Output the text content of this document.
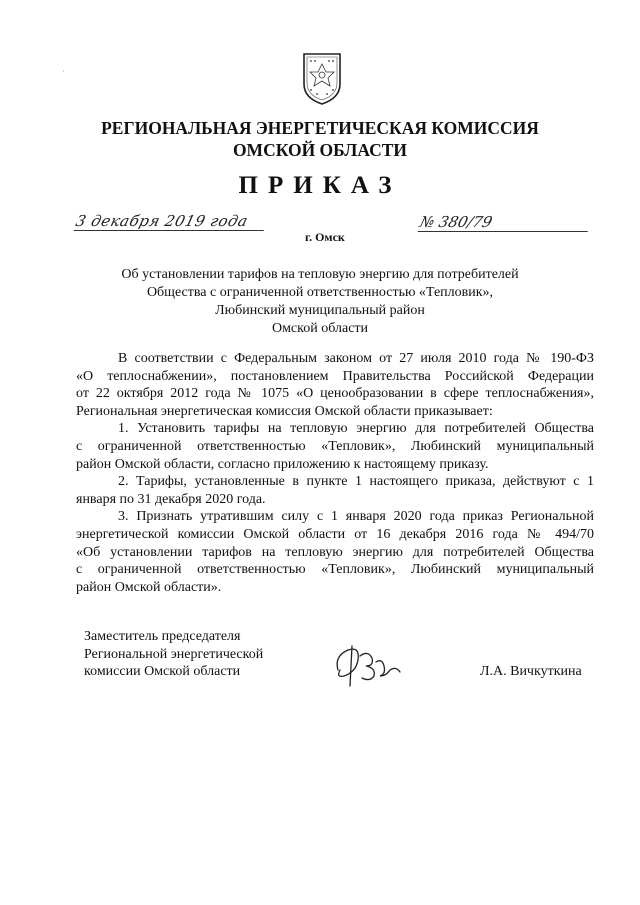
·
РЕГИОНАЛЬНАЯ ЭНЕРГЕТИЧЕСКАЯ КОМИССИЯ
ОМСКОЙ ОБЛАСТИ
ПРИКАЗ
3 декабря 2019 года
г. Омск
№ 380/79
Об установлении тарифов на тепловую энергию для потребителей
Общества с ограниченной ответственностью «Тепловик»,
Любинский муниципальный район
Омской области
В соответствии с Федеральным законом от 27 июля 2010 года № 190-ФЗ
«О теплоснабжении», постановлением Правительства Российской Федерации
от 22 октября 2012 года № 1075 «О ценообразовании в сфере теплоснабжения»,
Региональная энергетическая комиссия Омской области приказывает:
1. Установить тарифы на тепловую энергию для потребителей Общества
с ограниченной ответственностью «Тепловик», Любинский муниципальный
район Омской области, согласно приложению к настоящему приказу.
2. Тарифы, установленные в пункте 1 настоящего приказа, действуют с 1
января по 31 декабря 2020 года.
3. Признать утратившим силу с 1 января 2020 года приказ Региональной
энергетической комиссии Омской области от 16 декабря 2016 года № 494/70
«Об установлении тарифов на тепловую энергию для потребителей Общества
с ограниченной ответственностью «Тепловик», Любинский муниципальный
район Омской области».
Заместитель председателя
Региональной энергетической
комиссии Омской области	Л.А. Вичкуткина
